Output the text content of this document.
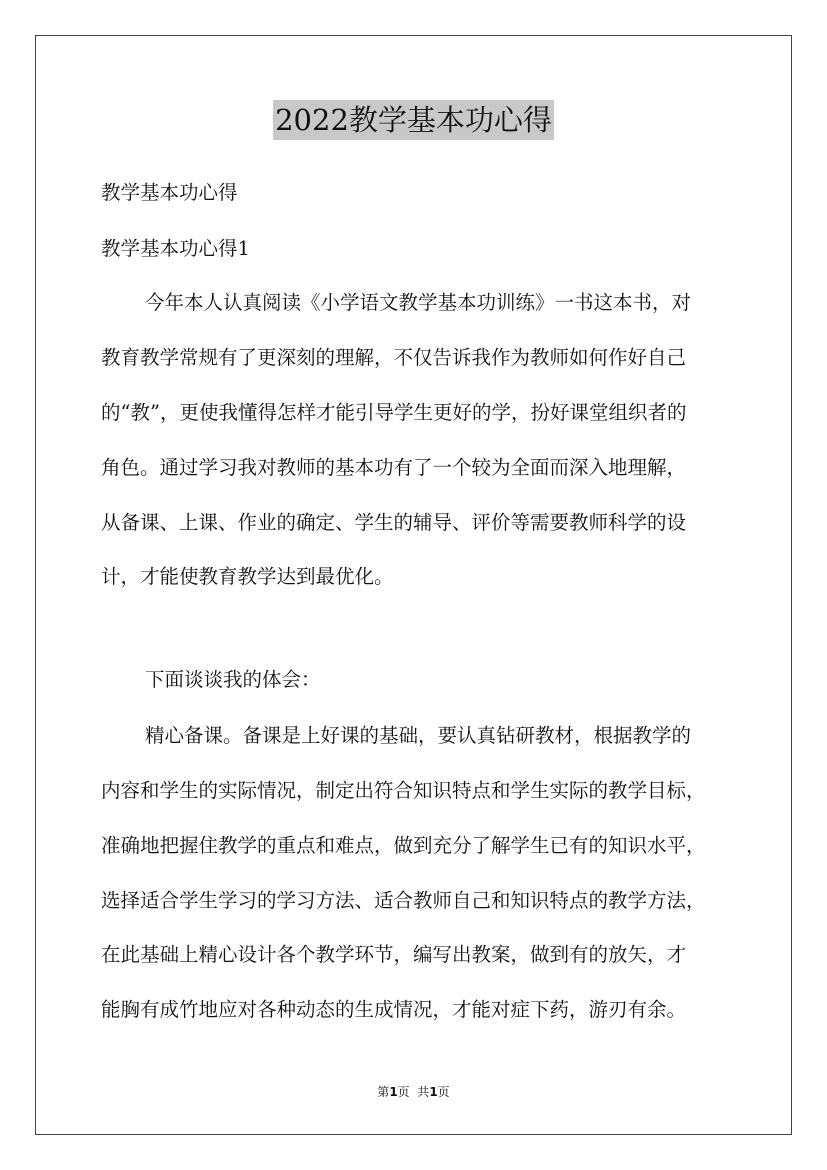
2022教学基本功心得
教学基本功心得
教学基本功心得1
今年本人认真阅读《小学语文教学基本功训练》一书这本书，对
教育教学常规有了更深刻的理解，不仅告诉我作为教师如何作好自己
的“教”，更使我懂得怎样才能引导学生更好的学，扮好课堂组织者的
角色。通过学习我对教师的基本功有了一个较为全面而深入地理解，
从备课、上课、作业的确定、学生的辅导、评价等需要教师科学的设
计，才能使教育教学达到最优化。
下面谈谈我的体会：
精心备课。备课是上好课的基础，要认真钻研教材，根据教学的
内容和学生的实际情况，制定出符合知识特点和学生实际的教学目标，
准确地把握住教学的重点和难点，做到充分了解学生已有的知识水平，
选择适合学生学习的学习方法、适合教师自己和知识特点的教学方法，
在此基础上精心设计各个教学环节，编写出教案，做到有的放矢，才
能胸有成竹地应对各种动态的生成情况，才能对症下药，游刃有余。
第1页  共1页
